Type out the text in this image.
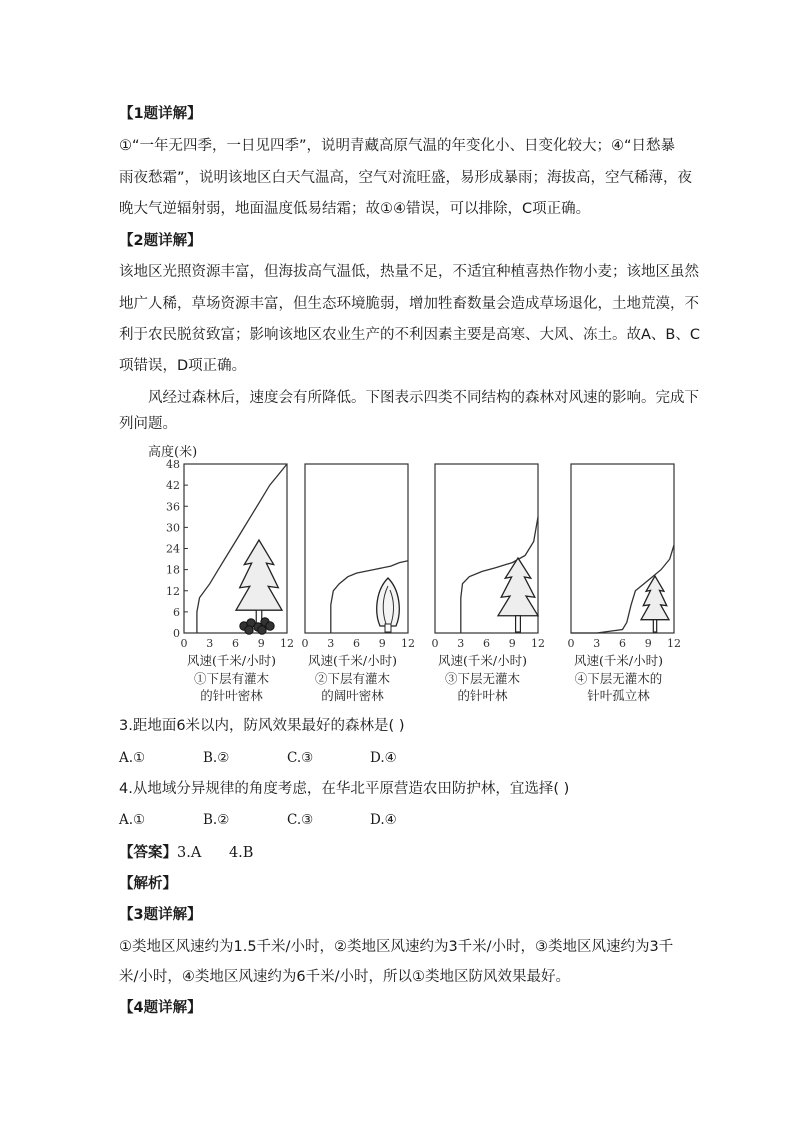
【1题详解】
①“一年无四季，一日见四季”，说明青藏高原气温的年变化小、日变化较大；④“日愁暴
雨夜愁霜”，说明该地区白天气温高，空气对流旺盛，易形成暴雨；海拔高，空气稀薄，夜
晚大气逆辐射弱，地面温度低易结霜；故①④错误，可以排除，C项正确。
【2题详解】
该地区光照资源丰富，但海拔高气温低，热量不足，不适宜种植喜热作物小麦；该地区虽然
地广人稀，草场资源丰富，但生态环境脆弱，增加牲畜数量会造成草场退化，土地荒漠，不
利于农民脱贫致富；影响该地区农业生产的不利因素主要是高寒、大风、冻土。故A、B、C
项错误，D项正确。
风经过森林后，速度会有所降低。下图表示四类不同结构的森林对风速的影响。完成下
列问题。
高度(米)
0
6
12
18
24
30
36
42
48
0 3 6 9 12
风速(千米/小时)
①下层有灌木
的针叶密林
0 3 6 9 12
风速(千米/小时)
②下层有灌木
的阔叶密林
0 3 6 9 12
风速(千米/小时)
③下层无灌木
的针叶林
0 3 6 9 12
风速(千米/小时)
④下层无灌木的
针叶孤立林
3.距地面6米以内，防风效果最好的森林是( )
A.①	B.②	C.③	D.④
4.从地域分异规律的角度考虑，在华北平原营造农田防护林，宜选择( )
A.①	B.②	C.③	D.④
【答案】3.A      4.B
【解析】
【3题详解】
①类地区风速约为1.5千米/小时，②类地区风速约为3千米/小时，③类地区风速约为3千
米/小时，④类地区风速约为6千米/小时，所以①类地区防风效果最好。
【4题详解】
